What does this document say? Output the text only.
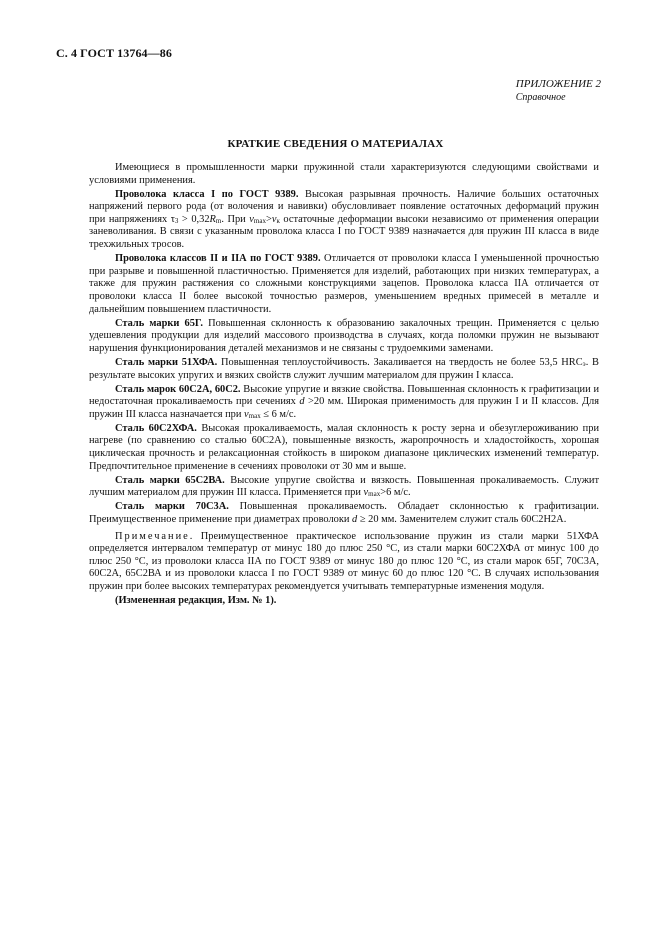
С. 4 ГОСТ 13764—86
ПРИЛОЖЕНИЕ 2
Справочное
КРАТКИЕ СВЕДЕНИЯ О МАТЕРИАЛАХ

Имеющиеся в промышленности марки пружинной стали характеризуются следующими свойствами и условиями применения.

Проволока класса I по ГОСТ 9389. Высокая разрывная прочность. Наличие больших остаточных напряжений первого рода (от волочения и навивки) обусловливает появление остаточных деформаций пружин при напряжениях $\tau_3 > 0,32R_m$. При $v_{max}>v_к$ остаточные деформации высоки независимо от применения операции заневоливания. В связи с указанным проволока класса I по ГОСТ 9389 назначается для пружин III класса в виде трехжильных тросов.

Проволока классов II и IIА по ГОСТ 9389. Отличается от проволоки класса I уменьшенной прочностью при разрыве и повышенной пластичностью. Применяется для изделий, работающих при низких температурах, а также для пружин растяжения со сложными конструкциями зацепов. Проволока класса IIА отличается от проволоки класса II более высокой точностью размеров, уменьшением вредных примесей в металле и дальнейшим повышением пластичности.

Сталь марки 65Г. Повышенная склонность к образованию закалочных трещин. Применяется с целью удешевления продукции для изделий массового производства в случаях, когда поломки пружин не вызывают нарушения функционирования деталей механизмов и не связаны с трудоемкими заменами.

Сталь марки 51ХФА. Повышенная теплоустойчивость. Закаливается на твердость не более 53,5 $HRC_э$. В результате высоких упругих и вязких свойств служит лучшим материалом для пружин I класса.

Сталь марок 60С2А, 60С2. Высокие упругие и вязкие свойства. Повышенная склонность к графитизации и недостаточная прокаливаемость при сечениях d >20 мм. Широкая применимость для пружин I и II классов. Для пружин III класса назначается при $v_{max} \le 6$ м/с.

Сталь 60С2ХФА. Высокая прокаливаемость, малая склонность к росту зерна и обезуглероживанию при нагреве (по сравнению со сталью 60С2А), повышенные вязкость, жаропрочность и хладостойкость, хорошая циклическая прочность и релаксационная стойкость в широком диапазоне циклических изменений температур. Предпочтительное применение в сечениях проволоки от 30 мм и выше.

Сталь марки 65С2ВА. Высокие упругие свойства и вязкость. Повышенная прокаливаемость. Служит лучшим материалом для пружин III класса. Применяется при $v_{max}>6$ м/с.

Сталь марки 70С3А. Повышенная прокаливаемость. Обладает склонностью к графитизации. Преимущественное применение при диаметрах проволоки d ≥ 20 мм. Заменителем служит сталь 60С2Н2А.

Примечание. Преимущественное практическое использование пружин из стали марки 51ХФА определяется интервалом температур от минус 180 до плюс 250 °С, из стали марки 60С2ХФА от минус 100 до плюс 250 °С, из проволоки класса IIА по ГОСТ 9389 от минус 180 до плюс 120 °С, из стали марок 65Г, 70С3А, 60С2А, 65С2ВА и из проволоки класса I по ГОСТ 9389 от минус 60 до плюс 120 °С. В случаях использования пружин при более высоких температурах рекомендуется учитывать температурные изменения модуля.

(Измененная редакция, Изм. № 1).
